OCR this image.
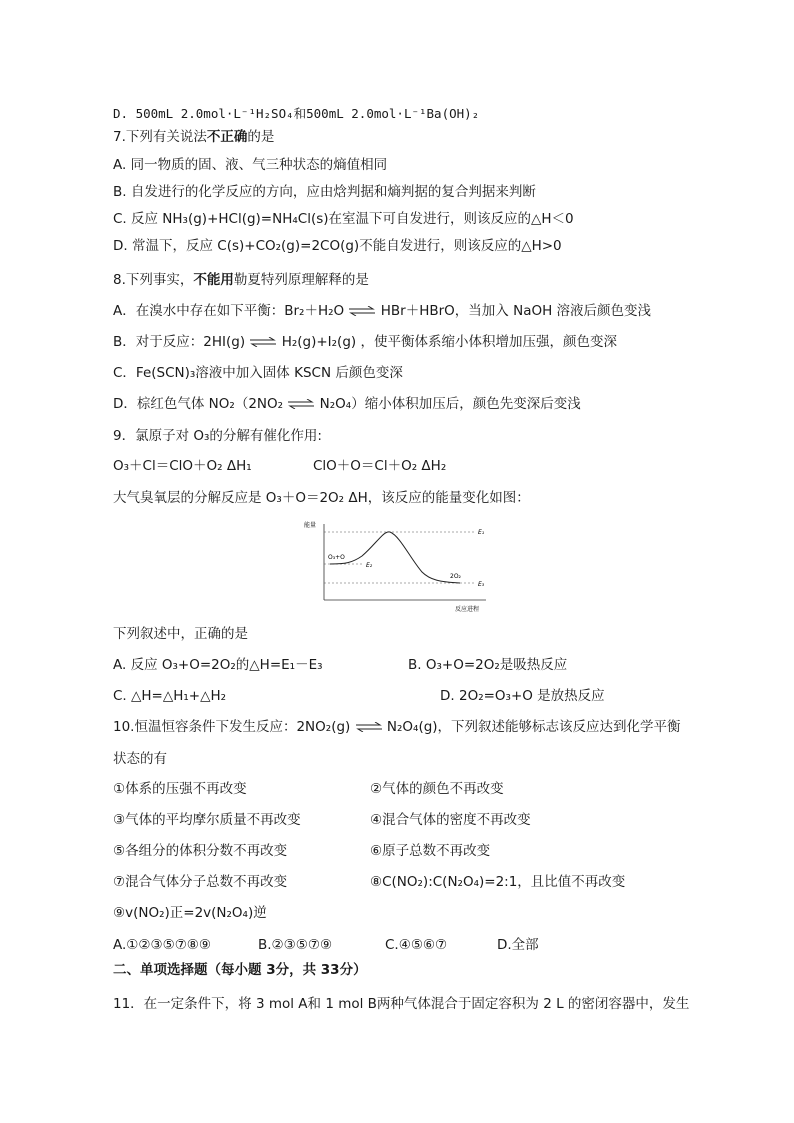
D. 500mL 2.0mol·L⁻¹H₂SO₄和500mL 2.0mol·L⁻¹Ba(OH)₂
7.下列有关说法不正确的是
A. 同一物质的固、液、气三种状态的熵值相同
B. 自发进行的化学反应的方向，应由焓判据和熵判据的复合判据来判断
C. 反应 NH₃(g)+HCl(g)=NH₄Cl(s)在室温下可自发进行，则该反应的△H＜0
D. 常温下，反应 C(s)+CO₂(g)=2CO(g)不能自发进行，则该反应的△H>0
8.下列事实，不能用勒夏特列原理解释的是
A．在溴水中存在如下平衡：Br₂＋H₂O ⇌ HBr＋HBrO，当加入 NaOH 溶液后颜色变浅
B．对于反应：2HI(g) ⇌ H₂(g)+I₂(g) ，使平衡体系缩小体积增加压强，颜色变深
C．Fe(SCN)₃溶液中加入固体 KSCN 后颜色变深
D．棕红色气体 NO₂（2NO₂ ⇌ N₂O₄）缩小体积加压后，颜色先变深后变浅
9．氯原子对 O₃的分解有催化作用:
O₃＋Cl＝ClO＋O₂ ΔH₁	ClO＋O＝Cl＋O₂ ΔH₂
大气臭氧层的分解反应是 O₃＋O＝2O₂ ΔH，该反应的能量变化如图：
能量
O₃+O
E₁
E₂
2O₂
E₃
反应进程
下列叙述中，正确的是
A. 反应 O₃+O=2O₂的△H=E₁－E₃	B. O₃+O=2O₂是吸热反应
C. △H=△H₁+△H₂	D. 2O₂=O₃+O 是放热反应
10.恒温恒容条件下发生反应：2NO₂(g) ⇌ N₂O₄(g)，下列叙述能够标志该反应达到化学平衡
状态的有
①体系的压强不再改变	②气体的颜色不再改变
③气体的平均摩尔质量不再改变	④混合气体的密度不再改变
⑤各组分的体积分数不再改变	⑥原子总数不再改变
⑦混合气体分子总数不再改变	⑧C(NO₂):C(N₂O₄)=2:1，且比值不再改变
⑨v(NO₂)正=2v(N₂O₄)逆
A.①②③⑤⑦⑧⑨	B.②③⑤⑦⑨	C.④⑤⑥⑦	D.全部
二、单项选择题（每小题 3分，共 33分）
11．在一定条件下，将 3 mol A和 1 mol B两种气体混合于固定容积为 2 L 的密闭容器中，发生
